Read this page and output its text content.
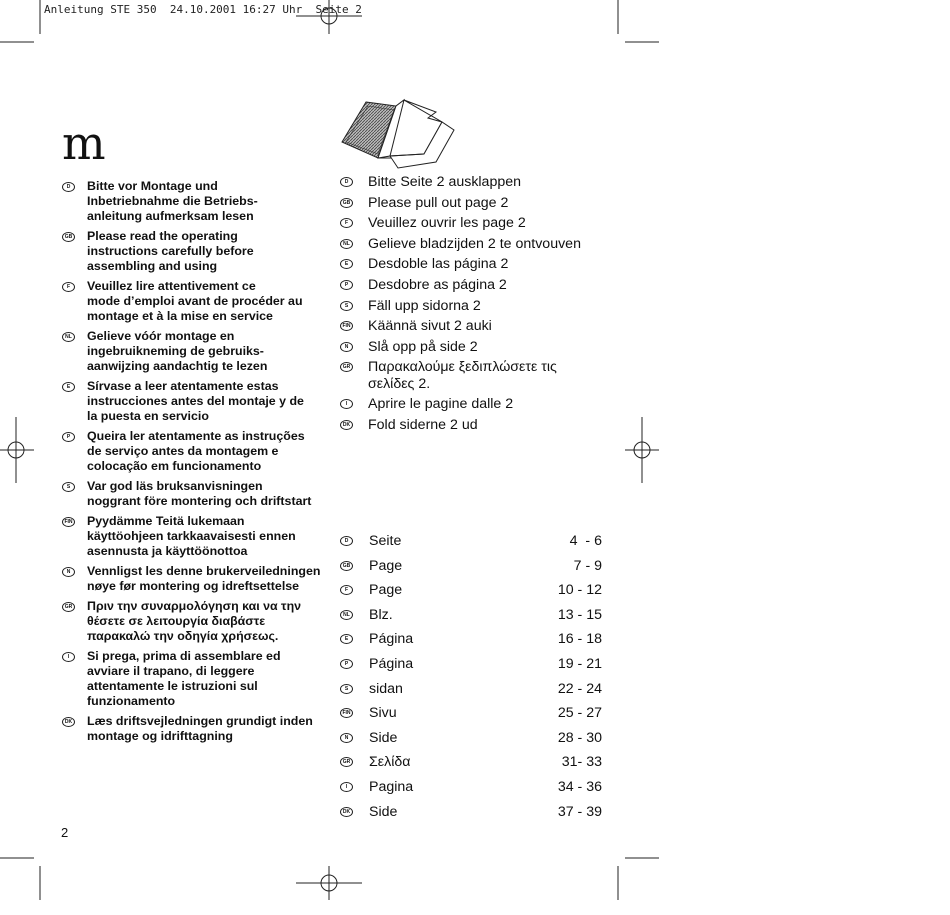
Anleitung STE 350  24.10.2001 16:27 Uhr  Seite 2
m
D	Bitte vor Montage und
Inbetriebnahme die Betriebs-
anleitung aufmerksam lesen
GB Please read the operating
instructions carefully before
assembling and using
F	Veuillez lire attentivement ce
mode d’emploi avant de procéder au
montage et à la mise en service
NL Gelieve vóór montage en
ingebruikneming de gebruiks-
aanwijzing aandachtig te lezen
E	Sírvase a leer atentamente estas
instrucciones antes del montaje y de
la puesta en servicio
P	Queira ler atentamente as instruções
de serviço antes da montagem e
colocação em funcionamento
S	Var god läs bruksanvisningen
noggrant före montering och driftstart
FIN Pyydämme Teitä lukemaan
käyttöohjeen tarkkaavaisesti ennen
asennusta ja käyttöönottoa
N	Vennligst les denne brukerveiledningen
nøye før montering og idreftsettelse
GR Πριν την συναρμολόγηση και να την
θέσετε σε λειτουργία διαβάστε
παρακαλώ την οδηγία χρήσεως.
I	Si prega, prima di assemblare ed
avviare il trapano, di leggere
attentamente le istruzioni sul
funzionamento
DK Læs driftsvejledningen grundigt inden
montage og idrifttagning
D	Bitte Seite 2 ausklappen
GB Please pull out page 2
F	Veuillez ouvrir les page 2
NL Gelieve bladzijden 2 te ontvouven
E	Desdoble las página 2
P	Desdobre as página 2
S	Fäll upp sidorna 2
FIN Käännä sivut 2 auki
N	Slå opp på side 2
GR Παρακαλούμε ξεδιπλώσετε τις
σελίδες 2.
I	Aprire le pagine dalle 2
DK Fold siderne 2 ud
D	Seite	4  - 6
GB Page	7 - 9
F	Page	10 - 12
NL Blz.	13 - 15
E	Página	16 - 18
P	Página	19 - 21
S	sidan	22 - 24
FIN Sivu	25 - 27
N	Side	28 - 30
GR Σελίδα	31- 33
I	Pagina	34 - 36
DK Side	37 - 39
2
